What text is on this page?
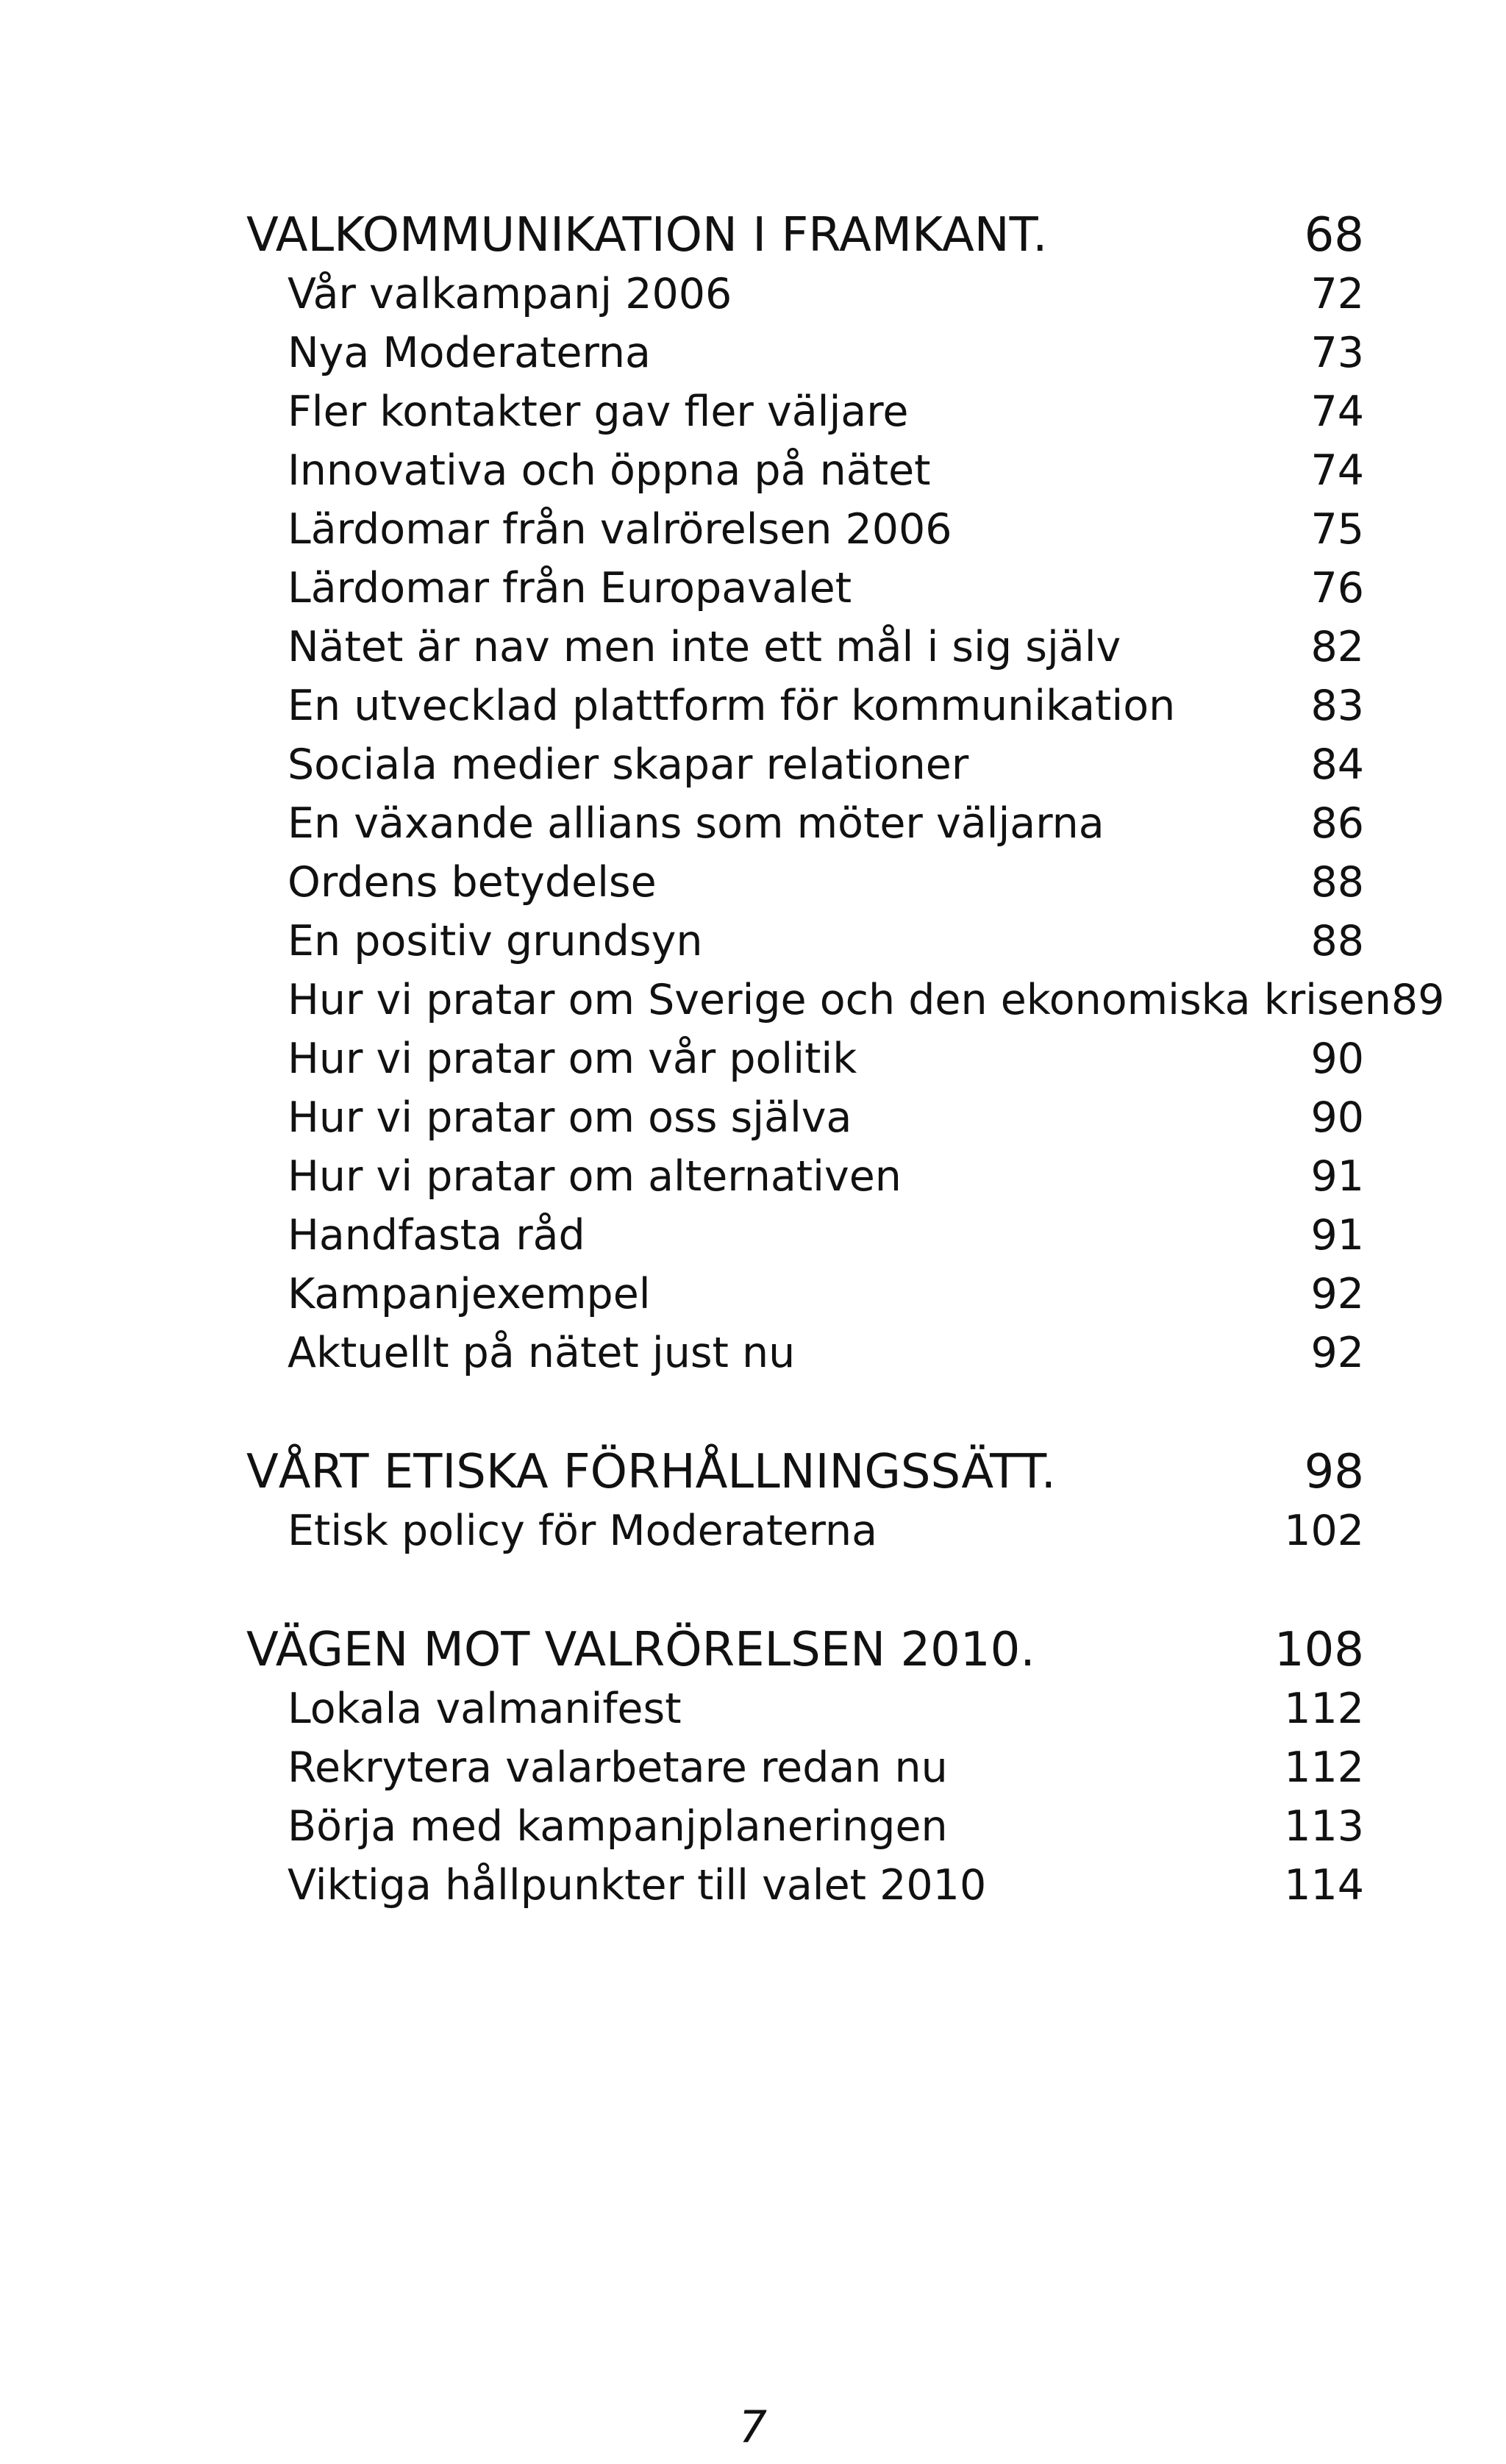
VALKOMMUNIKATION I FRAMKANT.	68
Vår valkampanj 2006	72
Nya Moderaterna	73
Fler kontakter gav fler väljare	74
Innovativa och öppna på nätet	74
Lärdomar från valrörelsen 2006	75
Lärdomar från Europavalet	76
Nätet är nav men inte ett mål i sig själv	82
En utvecklad plattform för kommunikation	83
Sociala medier skapar relationer	84
En växande allians som möter väljarna	86
Ordens betydelse	88
En positiv grundsyn	88
Hur vi pratar om Sverige och den ekonomiska krisen 89
Hur vi pratar om vår politik	90
Hur vi pratar om oss själva	90
Hur vi pratar om alternativen	91
Handfasta råd	91
Kampanjexempel	92
Aktuellt på nätet just nu	92
VÅRT ETISKA FÖRHÅLLNINGSSÄTT.	98
Etisk policy för Moderaterna	102
VÄGEN MOT VALRÖRELSEN 2010.	108
Lokala valmanifest	112
Rekrytera valarbetare redan nu	112
Börja med kampanjplaneringen	113
Viktiga hållpunkter till valet 2010	114
7
